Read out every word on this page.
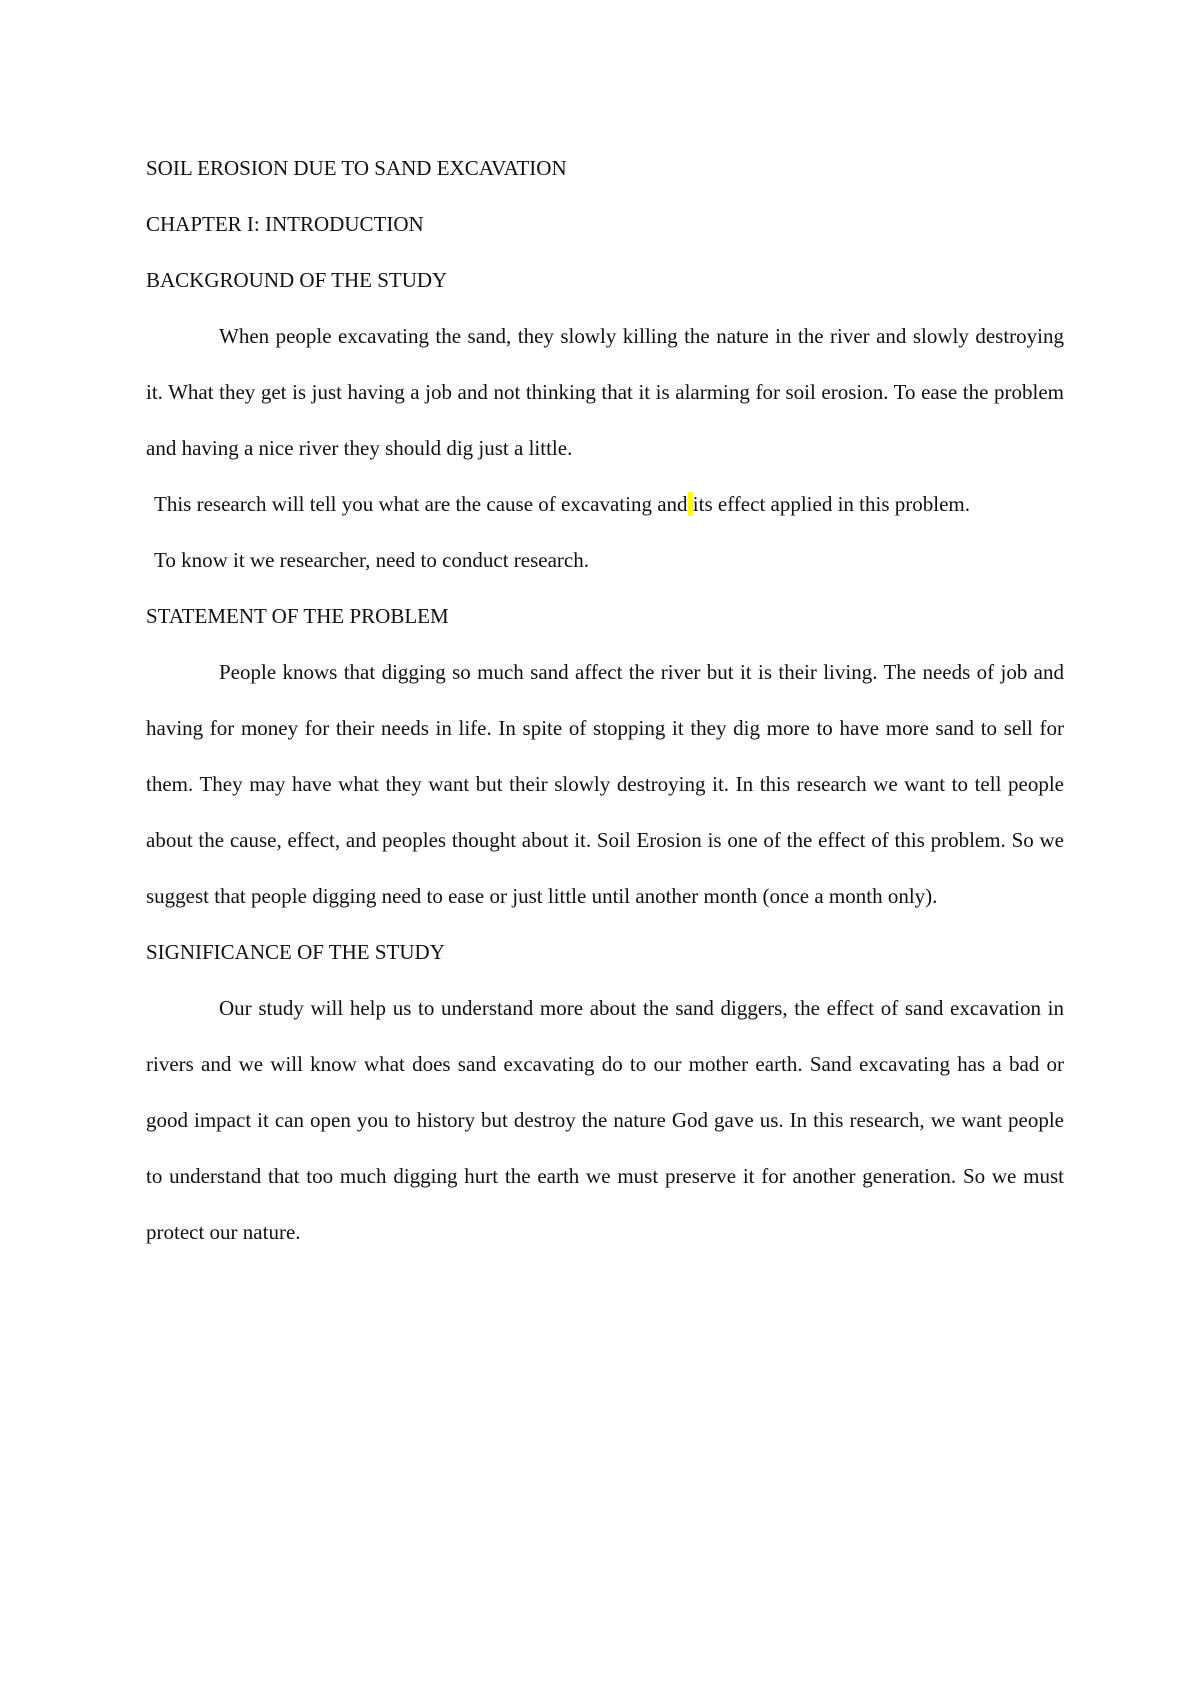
SOIL EROSION DUE TO SAND EXCAVATION
CHAPTER I: INTRODUCTION
BACKGROUND OF THE STUDY

When people excavating the sand, they slowly killing the nature in the river and slowly destroying it. What they get is just having a job and not thinking that it is alarming for soil erosion. To ease the problem and having a nice river they should dig just a little.

This research will tell you what are the cause of excavating and its effect applied in this problem.

To know it we researcher, need to conduct research.

STATEMENT OF THE PROBLEM

People knows that digging so much sand affect the river but it is their living. The needs of job and having for money for their needs in life. In spite of stopping it they dig more to have more sand to sell for them. They may have what they want but their slowly destroying it. In this research we want to tell people about the cause, effect, and peoples thought about it. Soil Erosion is one of the effect of this problem. So we suggest that people digging need to ease or just little until another month (once a month only).

SIGNIFICANCE OF THE STUDY

Our study will help us to understand more about the sand diggers, the effect of sand excavation in rivers and we will know what does sand excavating do to our mother earth. Sand excavating has a bad or good impact it can open you to history but destroy the nature God gave us. In this research, we want people to understand that too much digging hurt the earth we must preserve it for another generation. So we must protect our nature.
